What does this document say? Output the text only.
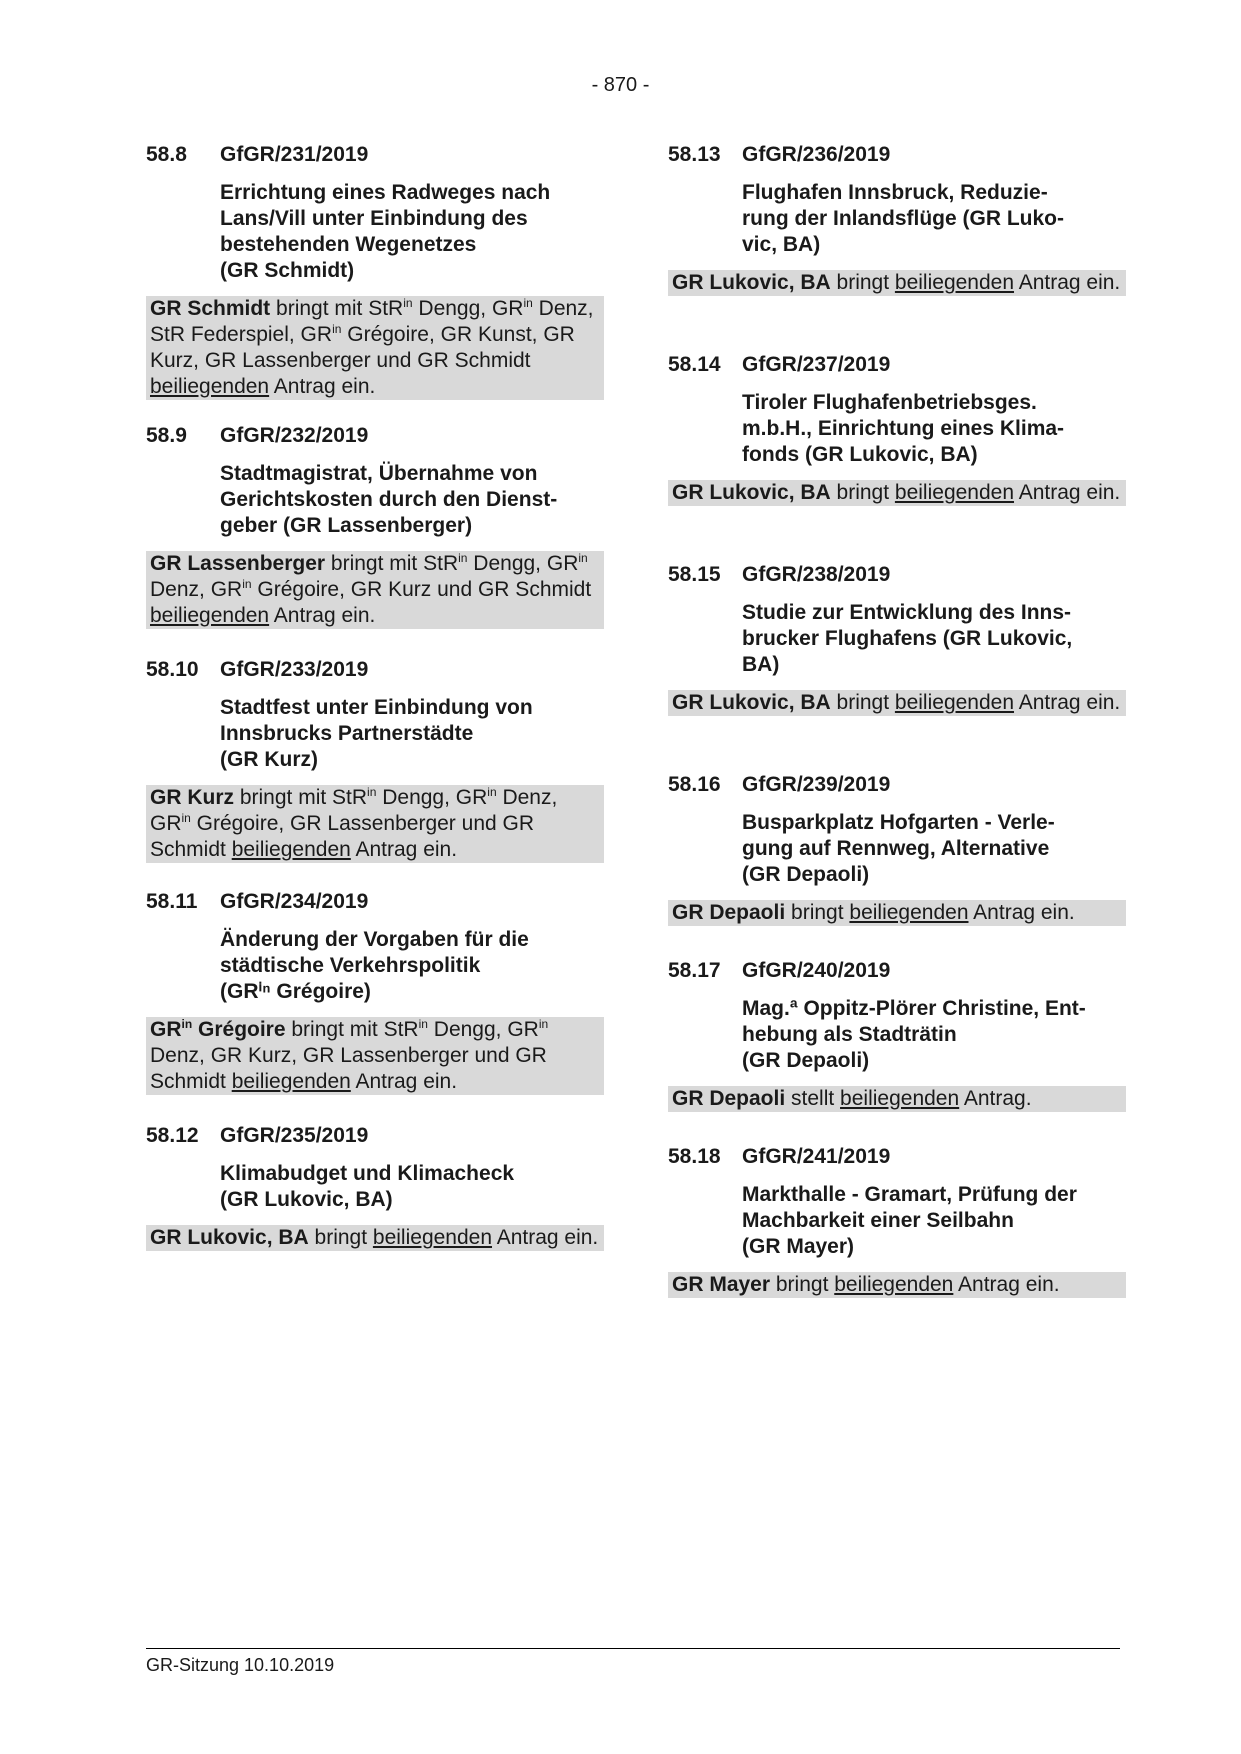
- 870 -
58.8	GfGR/231/2019
Errichtung eines Radweges nach
Lans/Vill unter Einbindung des
bestehenden Wegenetzes
(GR Schmidt)
GR Schmidt bringt mit StR$^{in}$ Dengg, $GR^{in}$ Denz, StR Federspiel, $GR^{in}$ Grégoire, GR Kunst, GR Kurz, GR Lassenberger und GR Schmidt beiliegenden Antrag ein.
58.9	GfGR/232/2019
Stadtmagistrat, Übernahme von
Gerichtskosten durch den Dienst-
geber (GR Lassenberger)
GR Lassenberger bringt mit StR$^{in}$ Dengg, $GR^{in}$ Denz, $GR^{in}$ Grégoire, GR Kurz und GR Schmidt beiliegenden Antrag ein.
58.10	GfGR/233/2019
Stadtfest unter Einbindung von
Innsbrucks Partnerstädte
(GR Kurz)
GR Kurz bringt mit StR$^{in}$ Dengg, $GR^{in}$ Denz, $GR^{in}$ Grégoire, GR Lassenberger und GR Schmidt beiliegenden Antrag ein.
58.11	GfGR/234/2019
Änderung der Vorgaben für die
städtische Verkehrspolitik
(GRⁱⁿ Grégoire)
$GR^{in}$ Grégoire bringt mit StR$^{in}$ Dengg, $GR^{in}$ Denz, GR Kurz, GR Lassenberger und GR Schmidt beiliegenden Antrag ein.
58.12	GfGR/235/2019
Klimabudget und Klimacheck
(GR Lukovic, BA)
GR Lukovic, BA bringt beiliegenden Antrag ein.
58.13	GfGR/236/2019
Flughafen Innsbruck, Reduzie-
rung der Inlandsflüge (GR Luko-
vic, BA)
GR Lukovic, BA bringt beiliegenden Antrag ein.
58.14	GfGR/237/2019
Tiroler Flughafenbetriebsges.
m.b.H., Einrichtung eines Klima-
fonds (GR Lukovic, BA)
GR Lukovic, BA bringt beiliegenden Antrag ein.
58.15	GfGR/238/2019
Studie zur Entwicklung des Inns-
brucker Flughafens (GR Lukovic,
BA)
GR Lukovic, BA bringt beiliegenden Antrag ein.
58.16	GfGR/239/2019
Busparkplatz Hofgarten - Verle-
gung auf Rennweg, Alternative
(GR Depaoli)
GR Depaoli bringt beiliegenden Antrag ein.
58.17	GfGR/240/2019
Mag.ª Oppitz-Plörer Christine, Ent-
hebung als Stadträtin
(GR Depaoli)
GR Depaoli stellt beiliegenden Antrag.
58.18	GfGR/241/2019
Markthalle - Gramart, Prüfung der
Machbarkeit einer Seilbahn
(GR Mayer)
GR Mayer bringt beiliegenden Antrag ein.
GR-Sitzung 10.10.2019
